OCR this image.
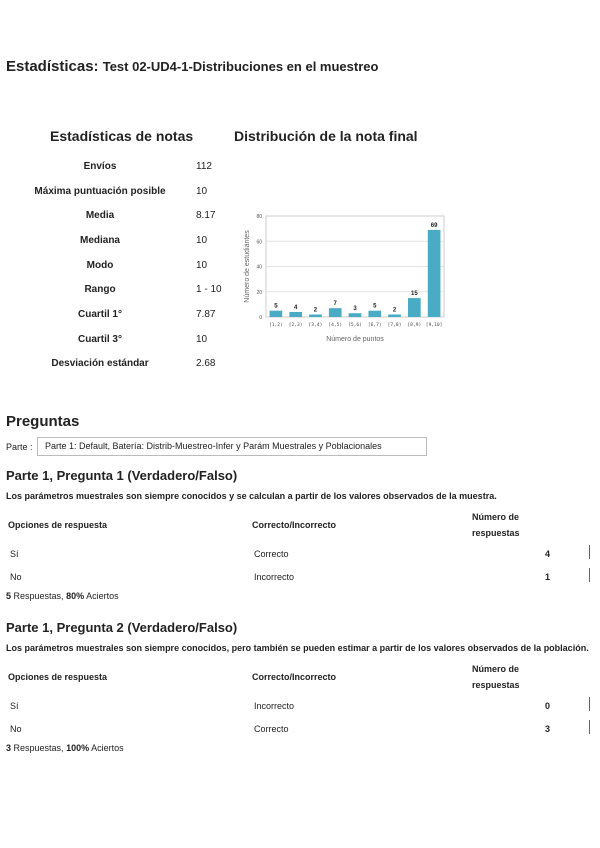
Estadísticas: Test 02-UD4-1-Distribuciones en el muestreo
Estadísticas de notas
Envíos	112
Máxima puntuación posible	10
Media	8.17
Mediana	10
Modo	10
Rango	1 - 10
Cuartil 1°	7.87
Cuartil 3°	10
Desviación estándar	2.68
Distribución de la nota final
0
20
40
60
80
5
[1,2)
4
[2,3)
2
[3,4)
7
[4,5)
3
[5,6)
5
[6,7)
2
[7,8)
15
[8,9)
69
[9,10]
Número de puntos
Número de estudiantes
Preguntas
Parte :	Parte 1: Default, Batería: Distrib-Muestreo-Infer y Parám Muestrales y Poblacionales
Parte 1, Pregunta 1 (Verdadero/Falso)
Los parámetros muestrales son siempre conocidos y se calculan a partir de los valores observados de la muestra.
Opciones de respuesta	Correcto/Incorrecto
Número de
respuestas
Sí	Correcto	4
No	Incorrecto	1
5 Respuestas, 80% Aciertos
Parte 1, Pregunta 2 (Verdadero/Falso)
Los parámetros muestrales son siempre conocidos, pero también se pueden estimar a partir de los valores observados de la población.
Opciones de respuesta	Correcto/Incorrecto
Número de
respuestas
Sí	Incorrecto	0
No	Correcto	3
3 Respuestas, 100% Aciertos
